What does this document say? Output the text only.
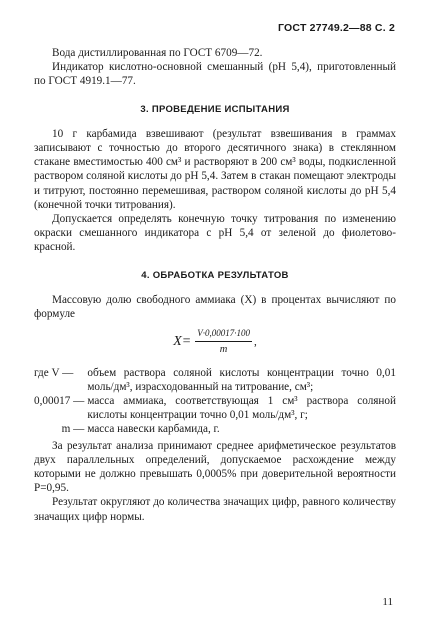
ГОСТ 27749.2—88 С. 2

Вода дистиллированная по ГОСТ 6709—72.

Индикатор кислотно-основной смешанный (pH 5,4), приготовленный по ГОСТ 4919.1—77.

3. ПРОВЕДЕНИЕ ИСПЫТАНИЯ

10 г карбамида взвешивают (результат взвешивания в граммах записывают с точностью до второго десятичного знака) в стеклянном стакане вместимостью 400 см³ и растворяют в 200 см³ воды, подкисленной раствором соляной кислоты до pH 5,4. Затем в стакан помещают электроды и титруют, постоянно перемешивая, раствором соляной кислоты до pH 5,4 (конечной точки титрования).

Допускается определять конечную точку титрования по изменению окраски смешанного индикатора с pH 5,4 от зеленой до фиолетово-красной.

4. ОБРАБОТКА РЕЗУЛЬТАТОВ

Массовую долю свободного аммиака (X) в процентах вычисляют по формуле

$X= \frac{V\cdot 0,00017\cdot 100}{m}$ ,
где V —	объем раствора соляной кислоты концентрации точно 0,01 моль/дм³, израсходованный на титрование, см³;
0,00017 —	масса аммиака, соответствующая 1 см³ раствора соляной кислоты концентрации точно 0,01 моль/дм³, г;
m —	масса навески карбамида, г.

За результат анализа принимают среднее арифметическое результатов двух параллельных определений, допускаемое расхождение между которыми не должно превышать 0,0005% при доверительной вероятности P=0,95.

Результат округляют до количества значащих цифр, равного количеству значащих цифр нормы.

11
